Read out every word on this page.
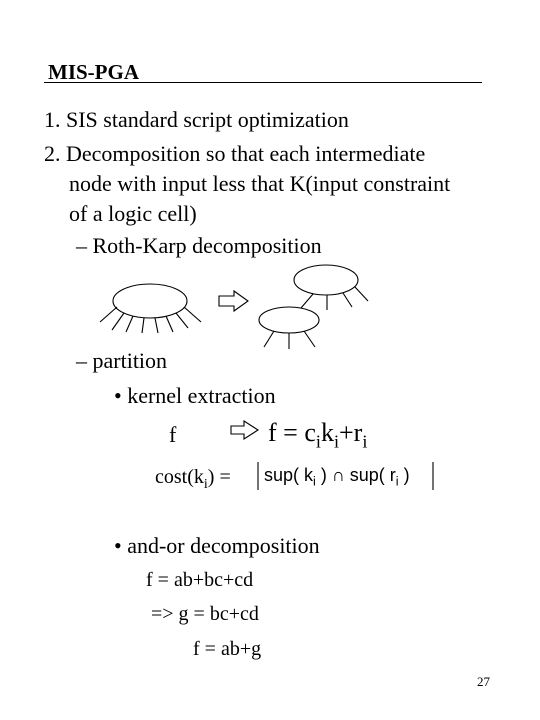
MIS-PGA
1. SIS standard script optimization
2. Decomposition so that each intermediate
node with input less that K(input constraint
of a logic cell)
– Roth-Karp decomposition
– partition
• kernel extraction
f	$f = c_ik_i+r_i$
$\cos t(k_i) = sup$( $k_i$ ) ∩ sup( $r_i$ )
• and-or decomposition
f = ab+bc+cd
=> g = bc+cd
f = ab+g
27
